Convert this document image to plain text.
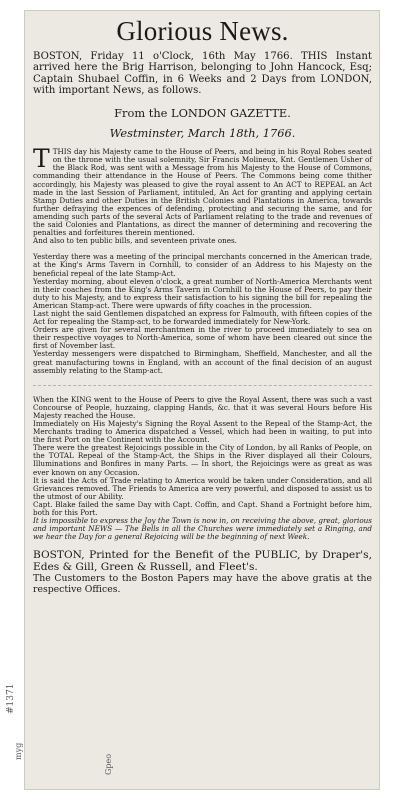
Glorious News.

BOSTON, Friday 11 o'Clock, 16th May 1766. THIS Instant arrived here the Brig Harrison, belonging to John Hancock, Esq; Captain Shubael Coffin, in 6 Weeks and 2 Days from LONDON, with important News, as follows.

From the LONDON GAZETTE.
Westminster, March 18th, 1766.

T THIS day his Majesty came to the House of Peers, and being in his Royal Robes seated on the throne with the usual solemnity, Sir Francis Molineux, Knt. Gentlemen Usher of the Black Rod, was sent with a Message from his Majesty to the House of Commons, commanding their attendance in the House of Peers. The Commons being come thither accordingly, his Majesty was pleased to give the royal assent to An ACT to REPEAL an Act made in the last Session of Parliament, intituled, An Act for granting and applying certain Stamp Duties and other Duties in the British Colonies and Plantations in America, towards further defraying the expences of defending, protecting and securing the same, and for amending such parts of the several Acts of Parliament relating to the trade and revenues of the said Colonies and Plantations, as direct the manner of determining and recovering the penalties and forfeitures therein mentioned.

And also to ten public bills, and seventeen private ones.

Yesterday there was a meeting of the principal merchants concerned in the American trade, at the King's Arms Tavern in Cornhill, to consider of an Address to his Majesty on the beneficial repeal of the late Stamp-Act.

Yesterday morning, about eleven o'clock, a great number of North-America Merchants went in their coaches from the King's Arms Tavern in Cornhill to the House of Peers, to pay their duty to his Majesty, and to express their satisfaction to his signing the bill for repealing the American Stamp-act. There were upwards of fifty coaches in the procession.

Last night the said Gentlemen dispatched an express for Falmouth, with fifteen copies of the Act for repealing the Stamp-act, to be forwarded immediately for New-York.

Orders are given for several merchantmen in the river to proceed immediately to sea on their respective voyages to North-America, some of whom have been cleared out since the first of November last.

Yesterday messengers were dispatched to Birmingham, Sheffield, Manchester, and all the great manufacturing towns in England, with an account of the final decision of an august assembly relating to the Stamp-act.

When the KING went to the House of Peers to give the Royal Assent, there was such a vast Concourse of People, huzzaing, clapping Hands, &c. that it was several Hours before His Majesty reached the House.

Immediately on His Majesty's Signing the Royal Assent to the Repeal of the Stamp-Act, the Merchants trading to America dispatched a Vessel, which had been in waiting, to put into the first Port on the Continent with the Account.

There were the greatest Rejoicings possible in the City of London, by all Ranks of People, on the TOTAL Repeal of the Stamp-Act, the Ships in the River displayed all their Colours, Illuminations and Bonfires in many Parts. — In short, the Rejoicings were as great as was ever known on any Occasion.

It is said the Acts of Trade relating to America would be taken under Consideration, and all Grievances removed. The Friends to America are very powerful, and disposed to assist us to the utmost of our Ability.

Capt. Blake failed the same Day with Capt. Coffin, and Capt. Shand a Fortnight before him, both for this Port.

It is impossible to express the Joy the Town is now in, on receiving the above, great, glorious and important NEWS — The Bells in all the Churches were immediately set a Ringing, and we hear the Day for a general Rejoicing will be the beginning of next Week.

BOSTON, Printed for the Benefit of the PUBLIC, by Draper's, Edes & Gill, Green & Russell, and Fleet's.
The Customers to the Boston Papers may have the above gratis at the respective Offices.
#1371
myg
Gpeo
